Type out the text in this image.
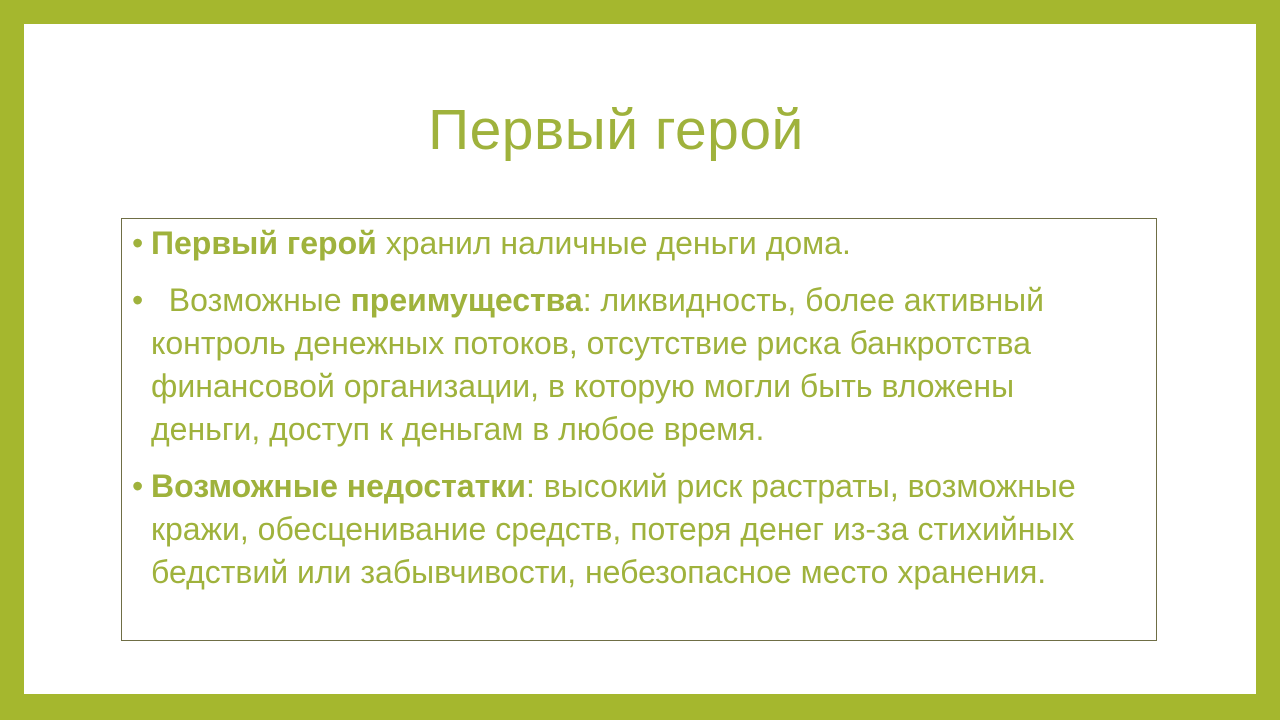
Первый герой
• Первый герой хранил наличные деньги дома.
• Возможные преимущества: ликвидность, более активный контроль денежных потоков, отсутствие риска банкротства финансовой организации, в которую могли быть вложены деньги, доступ к деньгам в любое время.
• Возможные недостатки: высокий риск растраты, возможные кражи, обесценивание средств, потеря денег из-за стихийных бедствий или забывчивости, небезопасное место хранения.
